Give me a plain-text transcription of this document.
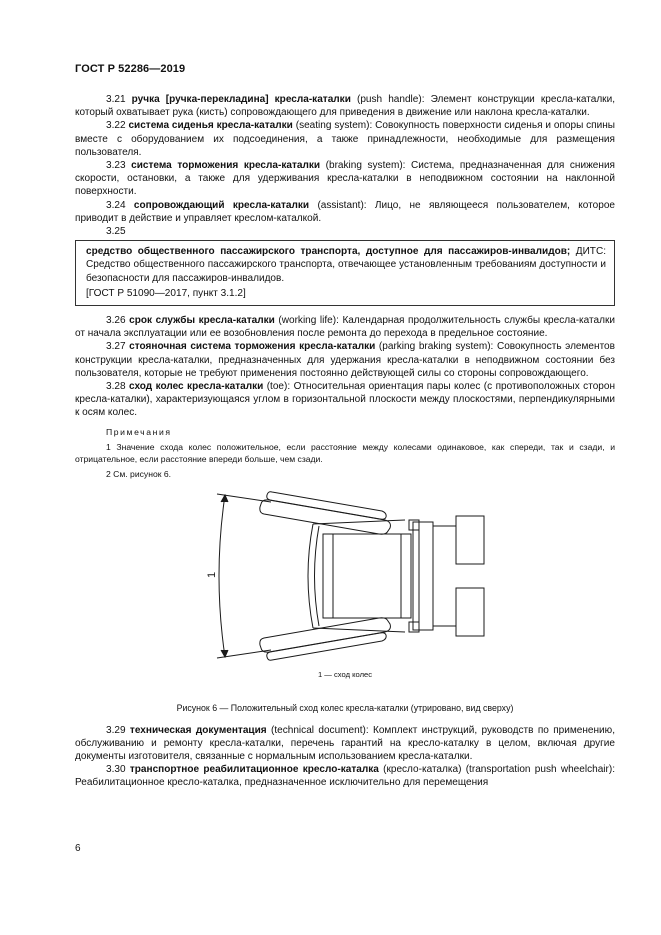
ГОСТ Р 52286—2019

3.21 ручка [ручка-перекладина] кресла-каталки (push handle): Элемент конструкции кресла-каталки, который охватывает рука (кисть) сопровождающего для приведения в движение или наклона кресла-каталки.

3.22 система сиденья кресла-каталки (seating system): Совокупность поверхности сиденья и опоры спины вместе с оборудованием их подсоединения, а также принадлежности, необходимые для размещения пользователя.

3.23 система торможения кресла-каталки (braking system): Система, предназначенная для снижения скорости, остановки, а также для удерживания кресла-каталки в неподвижном состоянии на наклонной поверхности.

3.24 сопровождающий кресла-каталки (assistant): Лицо, не являющееся пользователем, которое приводит в действие и управляет креслом-каталкой.

3.25

средство общественного пассажирского транспорта, доступное для пассажиров-инвалидов; ДИТС: Средство общественного пассажирского транспорта, отвечающее установленным требованиям доступности и безопасности для пассажиров-инвалидов.

[ГОСТ Р 51090—2017, пункт 3.1.2]

3.26 срок службы кресла-каталки (working life): Календарная продолжительность службы кресла-каталки от начала эксплуатации или ее возобновления после ремонта до перехода в предельное состояние.

3.27 стояночная система торможения кресла-каталки (parking braking system): Совокупность элементов конструкции кресла-каталки, предназначенных для удержания кресла-каталки в неподвижном состоянии без пользователя, которые не требуют применения постоянно действующей силы со стороны сопровождающего.

3.28 сход колес кресла-каталки (toe): Относительная ориентация пары колес (с противоположных сторон кресла-каталки), характеризующаяся углом в горизонтальной плоскости между плоскостями, перпендикулярными к осям колес.

Примечания

1 Значение схода колес положительное, если расстояние между колесами одинаковое, как спереди, так и сзади, и отрицательное, если расстояние впереди больше, чем сзади.

2 См. рисунок 6.

1
1 — сход колес
Рисунок 6 — Положительный сход колес кресла-каталки (утрировано, вид сверху)

3.29 техническая документация (technical document): Комплект инструкций, руководств по применению, обслуживанию и ремонту кресла-каталки, перечень гарантий на кресло-каталку в целом, включая другие документы изготовителя, связанные с нормальным использованием кресла-каталки.

3.30 транспортное реабилитационное кресло-каталка (кресло-каталка) (transportation push wheelchair): Реабилитационное кресло-каталка, предназначенное исключительно для перемещения

6
